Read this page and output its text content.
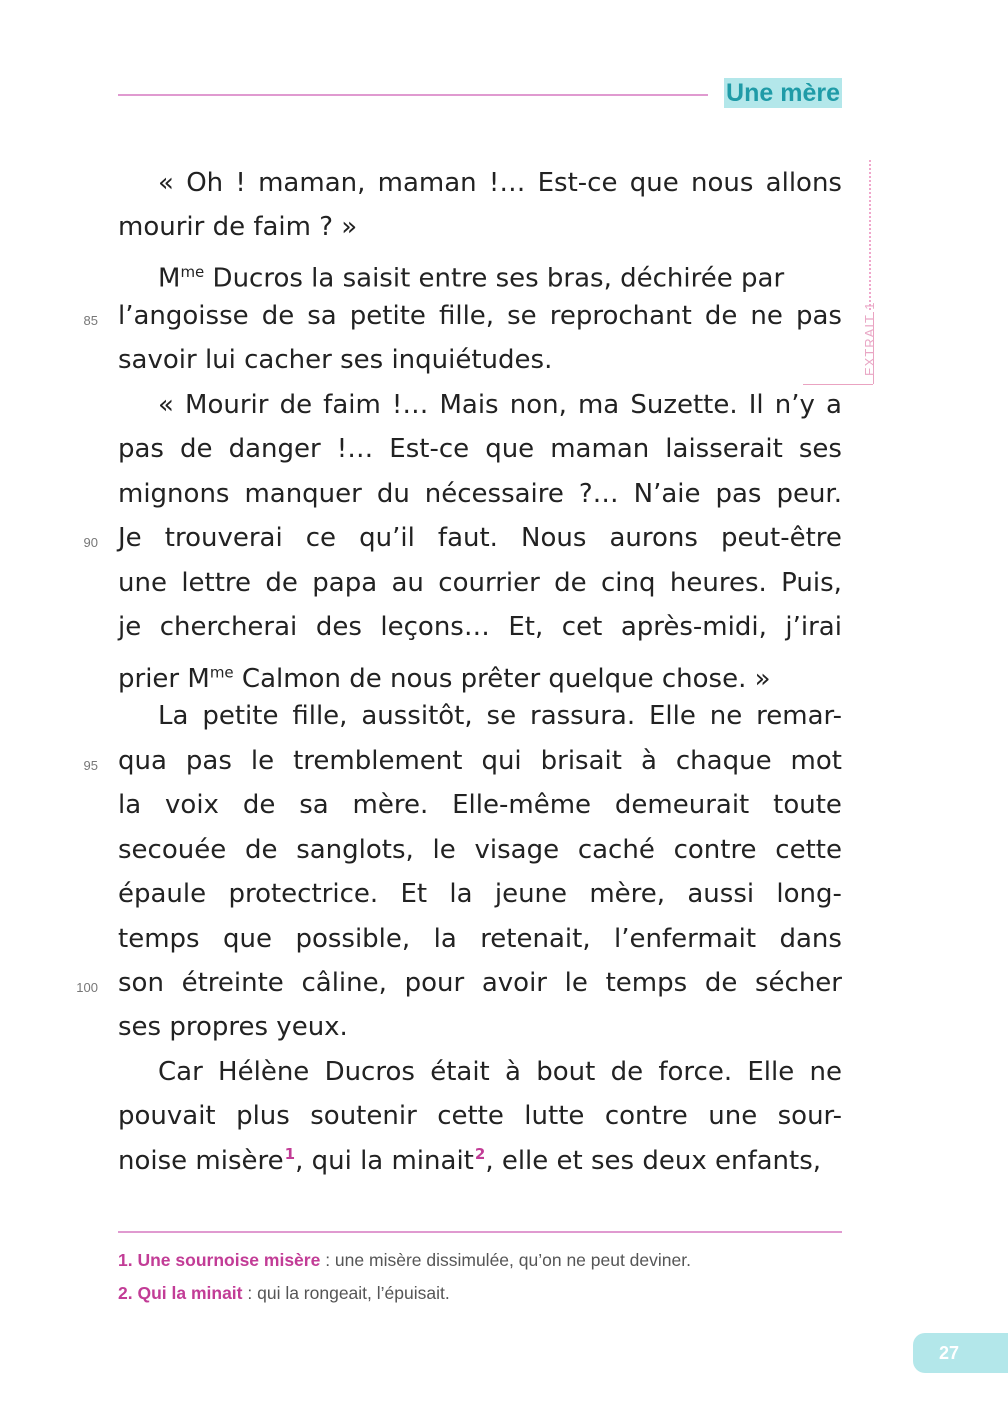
Une mère
EXTRAIT 1
« Oh ! maman, maman !… Est-ce que nous allons
mourir de faim ? »
$M^{me}$ Ducros la saisit entre ses bras, déchirée par
l’angoisse de sa petite fille, se reprochant de ne pas
savoir lui cacher ses inquiétudes.
« Mourir de faim !… Mais non, ma Suzette. Il n’y a
pas de danger !… Est-ce que maman laisserait ses
mignons manquer du nécessaire ?… N’aie pas peur.
Je trouverai ce qu’il faut. Nous aurons peut-être
une lettre de papa au courrier de cinq heures. Puis,
je chercherai des leçons… Et, cet après-midi, j’irai
prier $M^{me}$ Calmon de nous prêter quelque chose. »
La petite fille, aussitôt, se rassura. Elle ne remar-
qua pas le tremblement qui brisait à chaque mot
la voix de sa mère. Elle-même demeurait toute
secouée de sanglots, le visage caché contre cette
épaule protectrice. Et la jeune mère, aussi long-
temps que possible, la retenait, l’enfermait dans
son étreinte câline, pour avoir le temps de sécher
ses propres yeux.
Car Hélène Ducros était à bout de force. Elle ne
pouvait plus soutenir cette lutte contre une sour-
noise misère$^1$, qui la minait$^2$, elle et ses deux enfants,
85
90
95
100
1. Une sournoise misère : une misère dissimulée, qu’on ne peut deviner.
2. Qui la minait : qui la rongeait, l’épuisait.
27
